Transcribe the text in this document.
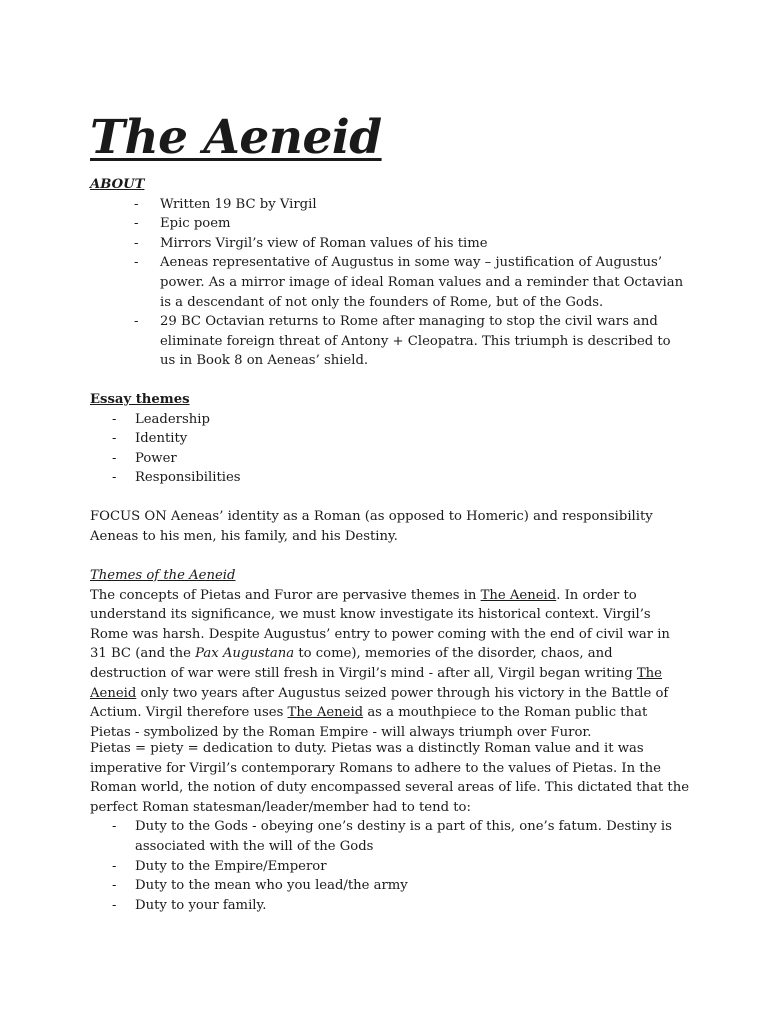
The Aeneid
ABOUT
- Written 19 BC by Virgil
- Epic poem
- Mirrors Virgil’s view of Roman values of his time
- Aeneas representative of Augustus in some way – justification of Augustus’ power. As a mirror image of ideal Roman values and a reminder that Octavian is a descendant of not only the founders of Rome, but of the Gods.
- 29 BC Octavian returns to Rome after managing to stop the civil wars and eliminate foreign threat of Antony + Cleopatra. This triumph is described to us in Book 8 on Aeneas’ shield.
Essay themes
- Leadership
- Identity
- Power
- Responsibilities

FOCUS ON Aeneas’ identity as a Roman (as opposed to Homeric) and responsibility Aeneas to his men, his family, and his Destiny.

Themes of the Aeneid

The concepts of Pietas and Furor are pervasive themes in The Aeneid. In order to understand its significance, we must know investigate its historical context. Virgil’s Rome was harsh. Despite Augustus’ entry to power coming with the end of civil war in 31 BC (and the Pax Augustana to come), memories of the disorder, chaos, and destruction of war were still fresh in Virgil’s mind - after all, Virgil began writing The Aeneid only two years after Augustus seized power through his victory in the Battle of Actium. Virgil therefore uses The Aeneid as a mouthpiece to the Roman public that Pietas - symbolized by the Roman Empire - will always triumph over Furor.

Pietas = piety = dedication to duty. Pietas was a distinctly Roman value and it was imperative for Virgil’s contemporary Romans to adhere to the values of Pietas. In the Roman world, the notion of duty encompassed several areas of life. This dictated that the perfect Roman statesman/leader/member had to tend to:

- Duty to the Gods - obeying one’s destiny is a part of this, one’s fatum. Destiny is associated with the will of the Gods
- Duty to the Empire/Emperor
- Duty to the mean who you lead/the army
- Duty to your family.
